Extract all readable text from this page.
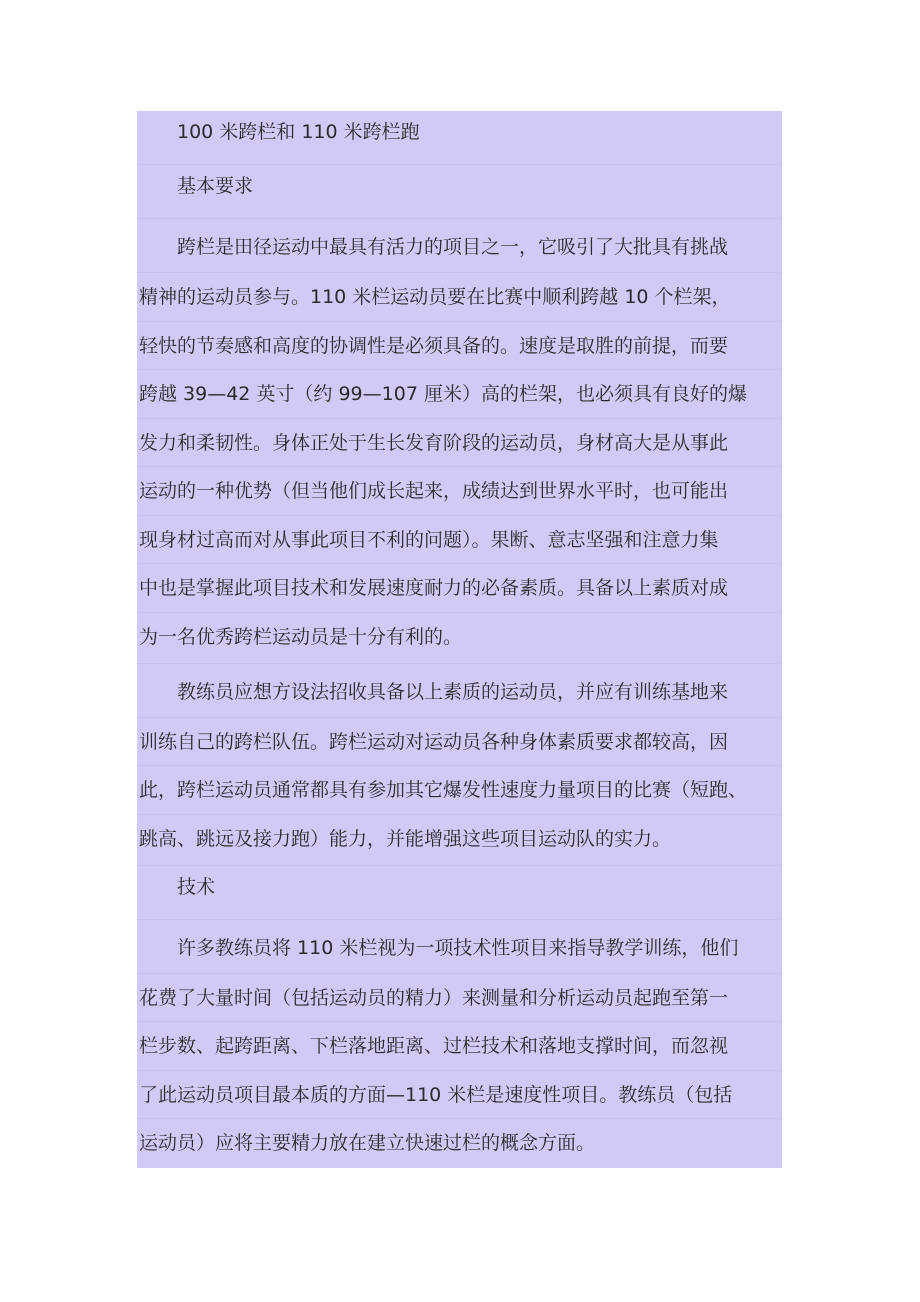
100 米跨栏和 110 米跨栏跑
基本要求
跨栏是田径运动中最具有活力的项目之一，它吸引了大批具有挑战
精神的运动员参与。110 米栏运动员要在比赛中顺利跨越 10 个栏架，
轻快的节奏感和高度的协调性是必须具备的。速度是取胜的前提，而要
跨越 39—42 英寸（约 99—107 厘米）高的栏架，也必须具有良好的爆
发力和柔韧性。身体正处于生长发育阶段的运动员，身材高大是从事此
运动的一种优势（但当他们成长起来，成绩达到世界水平时，也可能出
现身材过高而对从事此项目不利的问题）。果断、意志坚强和注意力集
中也是掌握此项目技术和发展速度耐力的必备素质。具备以上素质对成
为一名优秀跨栏运动员是十分有利的。
教练员应想方设法招收具备以上素质的运动员，并应有训练基地来
训练自己的跨栏队伍。跨栏运动对运动员各种身体素质要求都较高，因
此，跨栏运动员通常都具有参加其它爆发性速度力量项目的比赛（短跑、
跳高、跳远及接力跑）能力，并能增强这些项目运动队的实力。
技术
许多教练员将 110 米栏视为一项技术性项目来指导教学训练，他们
花费了大量时间（包括运动员的精力）来测量和分析运动员起跑至第一
栏步数、起跨距离、下栏落地距离、过栏技术和落地支撑时间，而忽视
了此运动员项目最本质的方面—110 米栏是速度性项目。教练员（包括
运动员）应将主要精力放在建立快速过栏的概念方面。
